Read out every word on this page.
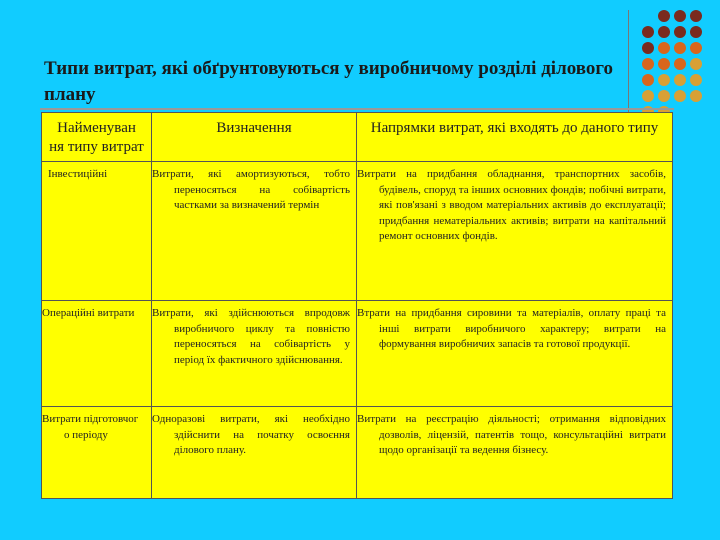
Типи витрат, які обґрунтовуються у виробничому розділі ділового плану
Найменуван ня типу витрат	Визначення	Напрямки витрат, які входять до даного типу
Інвестиційні	Витрати, які амортизуються, тобто переносяться на собівартість частками за визначений термін	Витрати на придбання обладнання, транспортних засобів, будівель, споруд та інших основних фондів; побічні витрати, які пов'язані з вводом матеріальних активів до експлуатації; придбання нематеріальних активів; витрати на капітальний ремонт основних фондів.
Операційні витрати	Витрати, які здійснюються впродовж виробничого циклу та повністю переносяться на собівартість у період їх фактичного здійснювання.	Втрати на придбання сировини та матеріалів, оплату праці та інші витрати виробничого характеру; витрати на формування виробничих запасів та готової продукції.
Витрати підготовчог о періоду	Одноразові витрати, які необхідно здійснити на початку освоєння ділового плану.	Витрати на реєстрацію діяльності; отримання відповідних дозволів, ліцензій, патентів тощо, консультаційні витрати щодо організації та ведення бізнесу.
